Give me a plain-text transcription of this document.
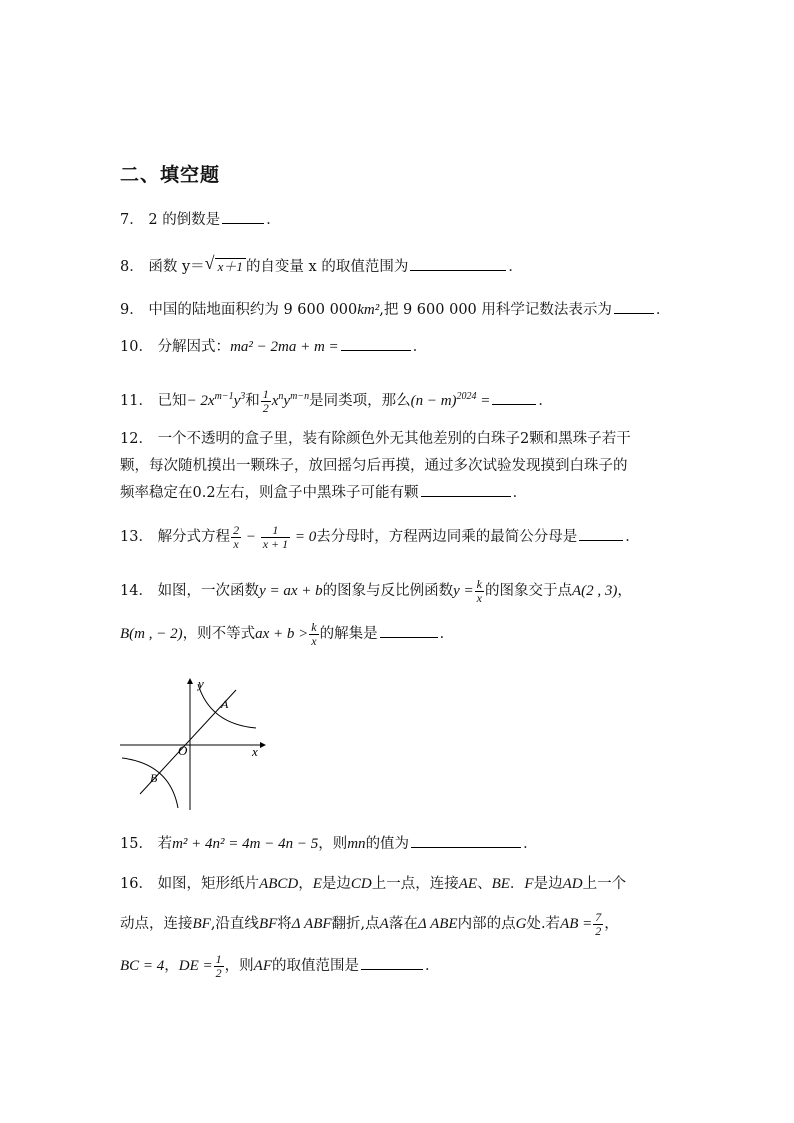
二、填空题
7． 2 的倒数是	．
8． 函数 y＝ √ x＋1 的自变量 x 的取值范围为	．
9． 中国的陆地面积约为 9 600 000km²,把 9 600 000 用科学记数法表示为	．
10． 分解因式：ma² − 2ma + m =	．
11． 已知− $2x^{m-1}y^3$和 $\frac{1}{2} x^ny^{m-n}$是同类项，那么$(n - m)^{2024}$ =	．
12． 一个不透明的盒子里，装有除颜色外无其他差别的白珠子2颗和黑珠子若干
颗，每次随机摸出一颗珠子，放回摇匀后再摸，通过多次试验发现摸到白珠子的
频率稳定在0.2左右，则盒子中黑珠子可能有颗	．
13． 解分式方程 $\frac{2}{x} - \frac{1}{x + 1} = 0$去分母时，方程两边同乘的最简公分母是	．
14． 如图，一次函数y = ax + b的图象与反比例函数$y = \frac{k}{x}$ 的图象交于点A(2 , 3)，
B(m , − 2)，则不等式ax + $b > \frac{k}{x}$ 的解集是	．
y
x
O
A
B
15． 若m² + 4n² = 4m − 4n − 5，则mn的值为	．
16． 如图，矩形纸片ABCD，E是边CD上一点，连接AE、BE．F是边AD上一个
动点，连接BF,沿直线BF将Δ ABF翻折,点A落在Δ ABE内部的点G处.若AB = $\frac{7}{2}$ ，
BC = 4，DE = $\frac{1}{2}$ ，则AF的取值范围是	．
